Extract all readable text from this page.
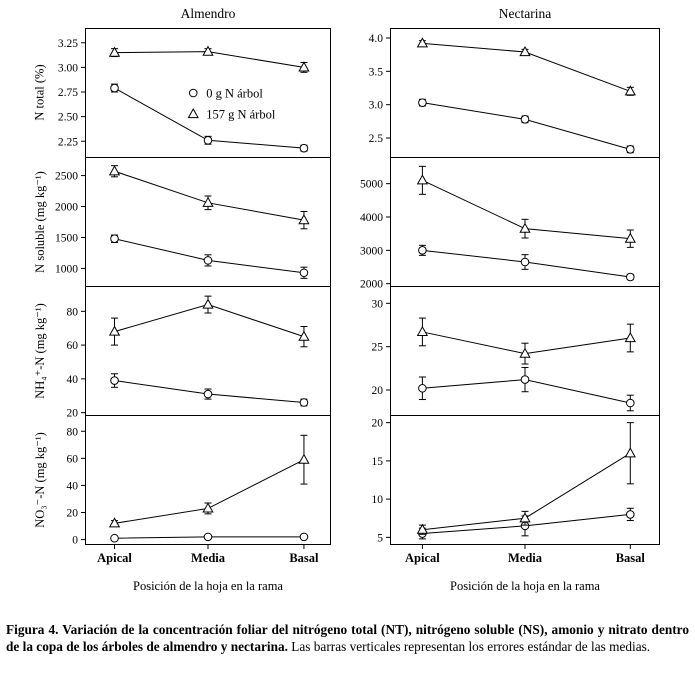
Almendro	Nectarina
N total (%)
N soluble (mg kg⁻¹)
NH₄⁺-N (mg kg⁻¹)
NO₃⁻-N (mg kg⁻¹)
2.25
2.50
2.75
3.00
3.25
0 g N árbol
157 g N árbol
1000
1500
2000
2500
20
40
60
80
0
20
40
60
80
Apical	Media	Basal
2.5
3.0
3.5
4.0
2000
3000
4000
5000
20
25
30
5
10
15
20
Apical	Media	Basal
Posición de la hoja en la rama	Posición de la hoja en la rama
Figura 4. Variación de la concentración foliar del nitrógeno total (NT), nitrógeno soluble (NS), amonio y nitrato dentro de la copa de los árboles de almendro y nectarina. Las barras verticales representan los errores estándar de las medias.
